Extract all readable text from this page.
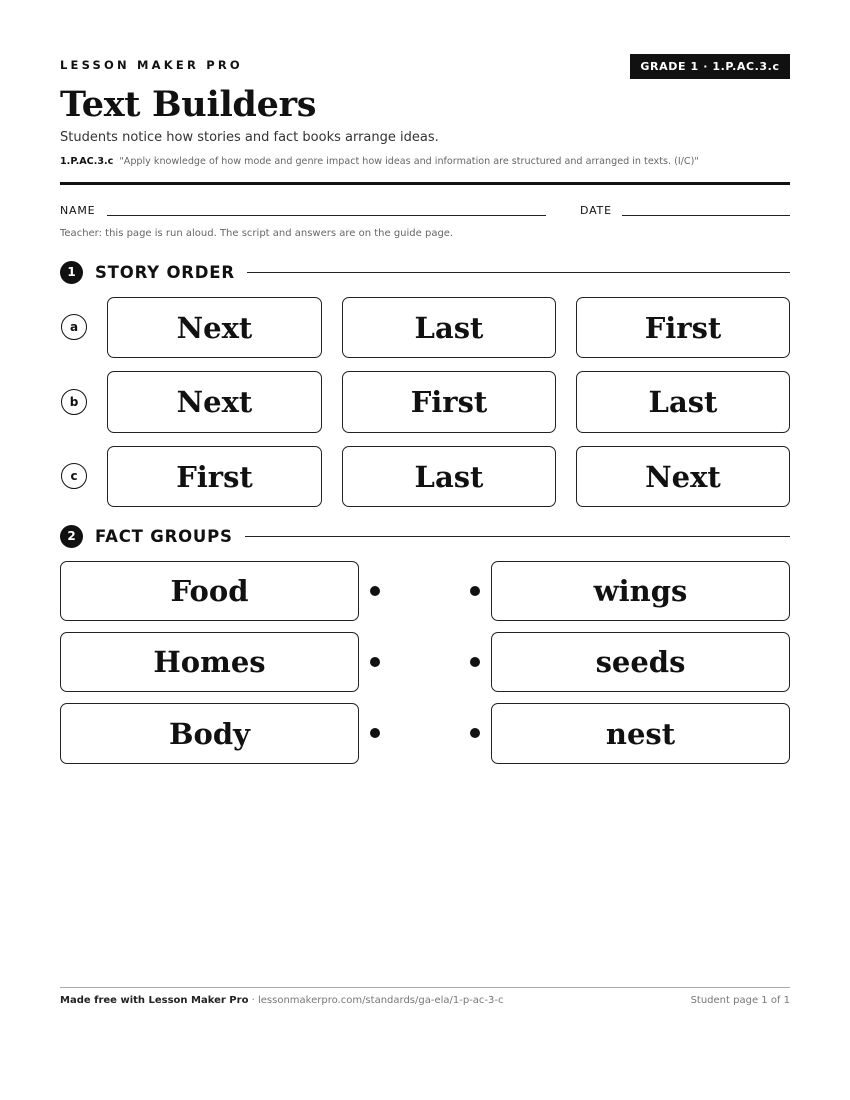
LESSON MAKER PRO	GRADE 1 · 1.P.AC.3.c
Text Builders
Students notice how stories and fact books arrange ideas.
1.P.AC.3.c "Apply knowledge of how mode and genre impact how ideas and information are structured and arranged in texts. (I/C)"
NAME	DATE
Teacher: this page is run aloud. The script and answers are on the guide page.
1	STORY ORDER
a	Next	Last	First
b	Next	First	Last
c	First	Last	Next
2	FACT GROUPS
Food	wings
Homes	seeds
Body	nest
Made free with Lesson Maker Pro · lessonmakerpro.com/standards/ga-ela/1-p-ac-3-c	Student page 1 of 1
